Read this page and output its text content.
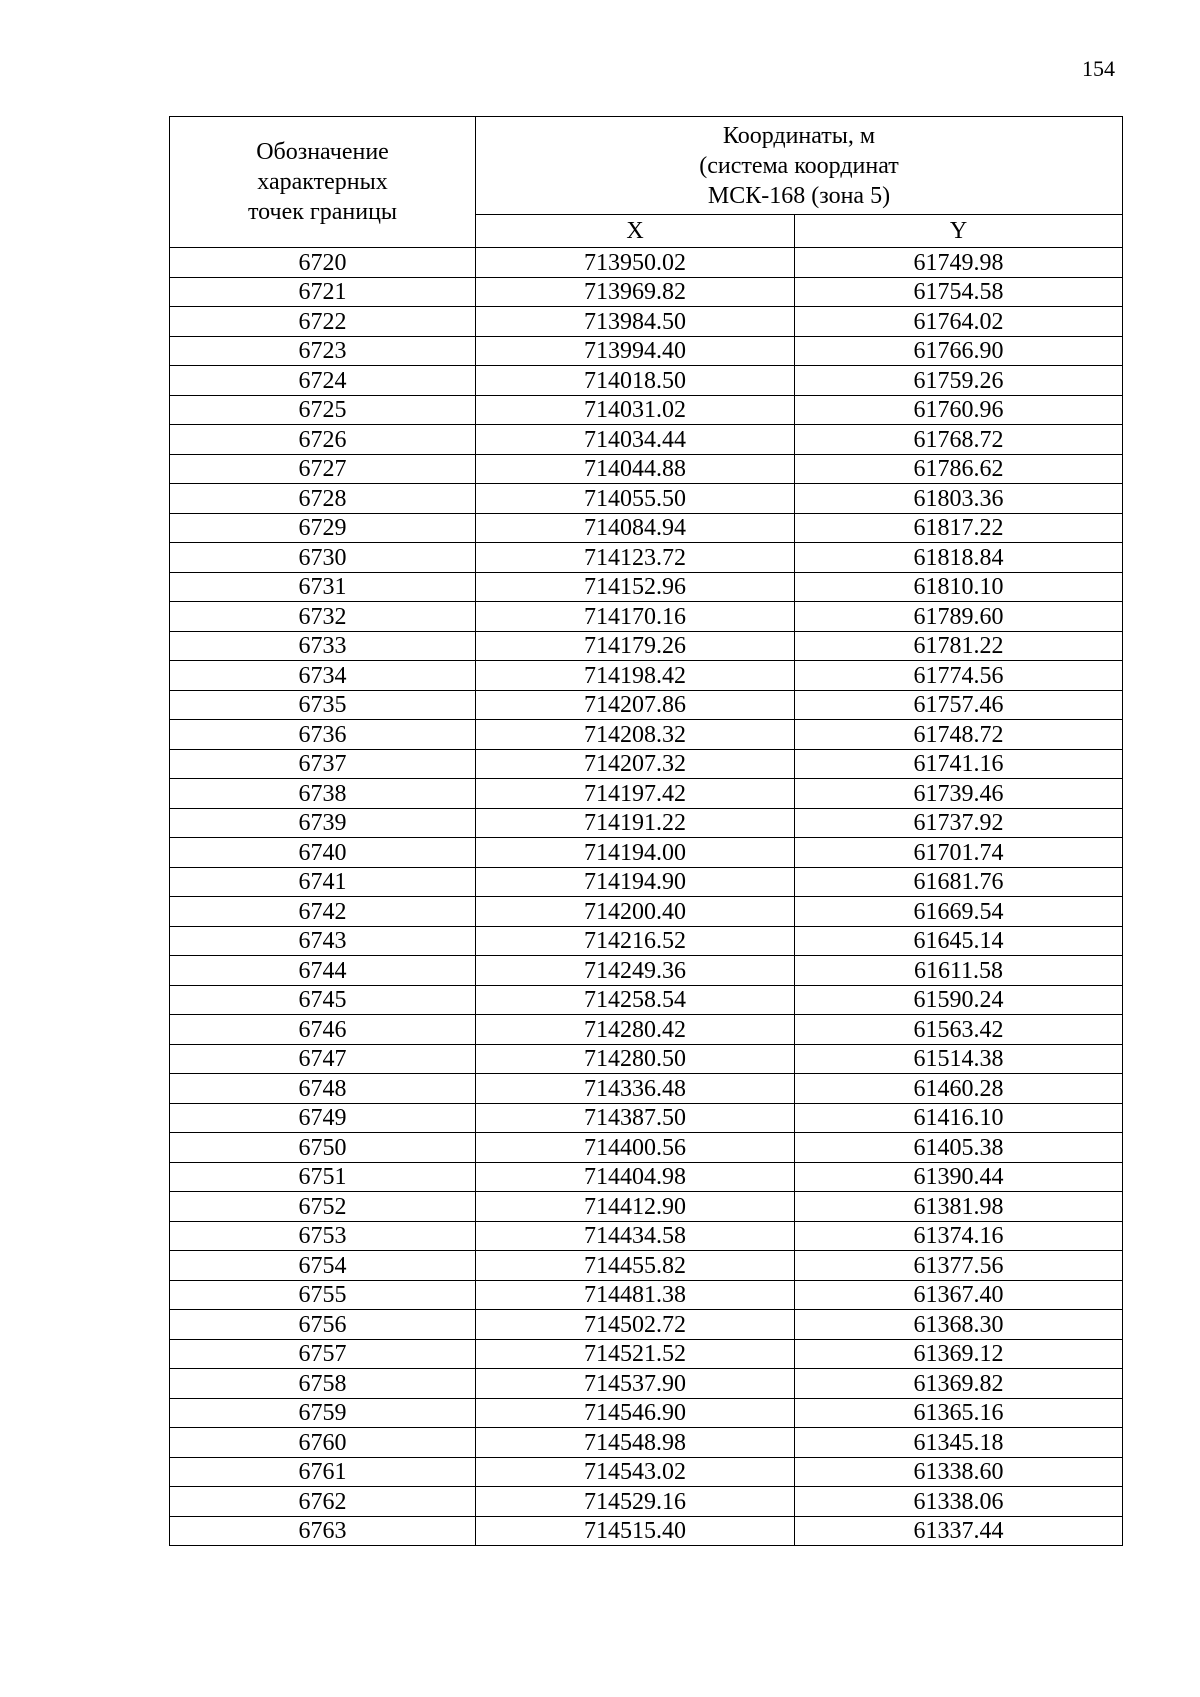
154
Обозначение
характерных
точек границы	Координаты, м
(система координат
МСК-168 (зона 5)	
	X	Y
6720	713950.02	61749.98
6721	713969.82	61754.58
6722	713984.50	61764.02
6723	713994.40	61766.90
6724	714018.50	61759.26
6725	714031.02	61760.96
6726	714034.44	61768.72
6727	714044.88	61786.62
6728	714055.50	61803.36
6729	714084.94	61817.22
6730	714123.72	61818.84
6731	714152.96	61810.10
6732	714170.16	61789.60
6733	714179.26	61781.22
6734	714198.42	61774.56
6735	714207.86	61757.46
6736	714208.32	61748.72
6737	714207.32	61741.16
6738	714197.42	61739.46
6739	714191.22	61737.92
6740	714194.00	61701.74
6741	714194.90	61681.76
6742	714200.40	61669.54
6743	714216.52	61645.14
6744	714249.36	61611.58
6745	714258.54	61590.24
6746	714280.42	61563.42
6747	714280.50	61514.38
6748	714336.48	61460.28
6749	714387.50	61416.10
6750	714400.56	61405.38
6751	714404.98	61390.44
6752	714412.90	61381.98
6753	714434.58	61374.16
6754	714455.82	61377.56
6755	714481.38	61367.40
6756	714502.72	61368.30
6757	714521.52	61369.12
6758	714537.90	61369.82
6759	714546.90	61365.16
6760	714548.98	61345.18
6761	714543.02	61338.60
6762	714529.16	61338.06
6763	714515.40	61337.44
